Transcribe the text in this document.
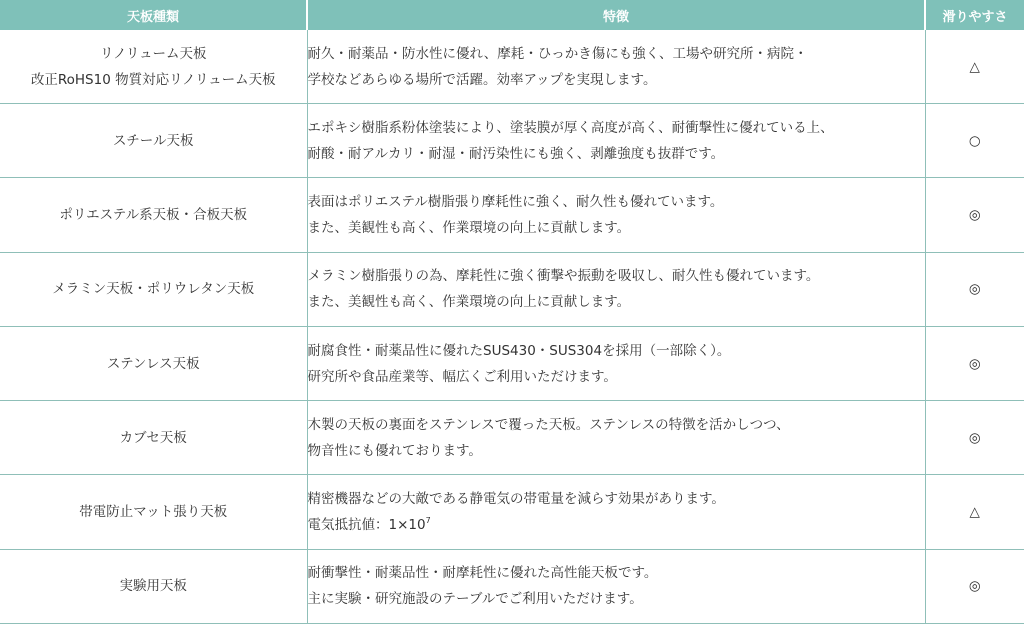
天板種類	特徴	滑りやすさ

リノリューム天板
改正RoHS10 物質対応リノリューム天板	耐久・耐薬品・防水性に優れ、摩耗・ひっかき傷にも強く、工場や研究所・病院・
学校などあらゆる場所で活躍。効率アップを実現します。	△

スチール天板	エポキシ樹脂系粉体塗装により、塗装膜が厚く高度が高く、耐衝撃性に優れている上、
耐酸・耐アルカリ・耐湿・耐汚染性にも強く、剥離強度も抜群です。	○

ポリエステル系天板・合板天板	表面はポリエステル樹脂張り摩耗性に強く、耐久性も優れています。
また、美観性も高く、作業環境の向上に貢献します。	◎

メラミン天板・ポリウレタン天板	メラミン樹脂張りの為、摩耗性に強く衝撃や振動を吸収し、耐久性も優れています。
また、美観性も高く、作業環境の向上に貢献します。	◎

ステンレス天板	耐腐食性・耐薬品性に優れたSUS430・SUS304を採用（一部除く）。
研究所や食品産業等、幅広くご利用いただけます。	◎

カブセ天板	木製の天板の裏面をステンレスで覆った天板。ステンレスの特徴を活かしつつ、
物音性にも優れております。	◎

帯電防止マット張り天板	精密機器などの大敵である静電気の帯電量を減らす効果があります。
電気抵抗値：$1\times 10^7$	△

実験用天板	耐衝撃性・耐薬品性・耐摩耗性に優れた高性能天板です。
主に実験・研究施設のテーブルでご利用いただけます。	◎
